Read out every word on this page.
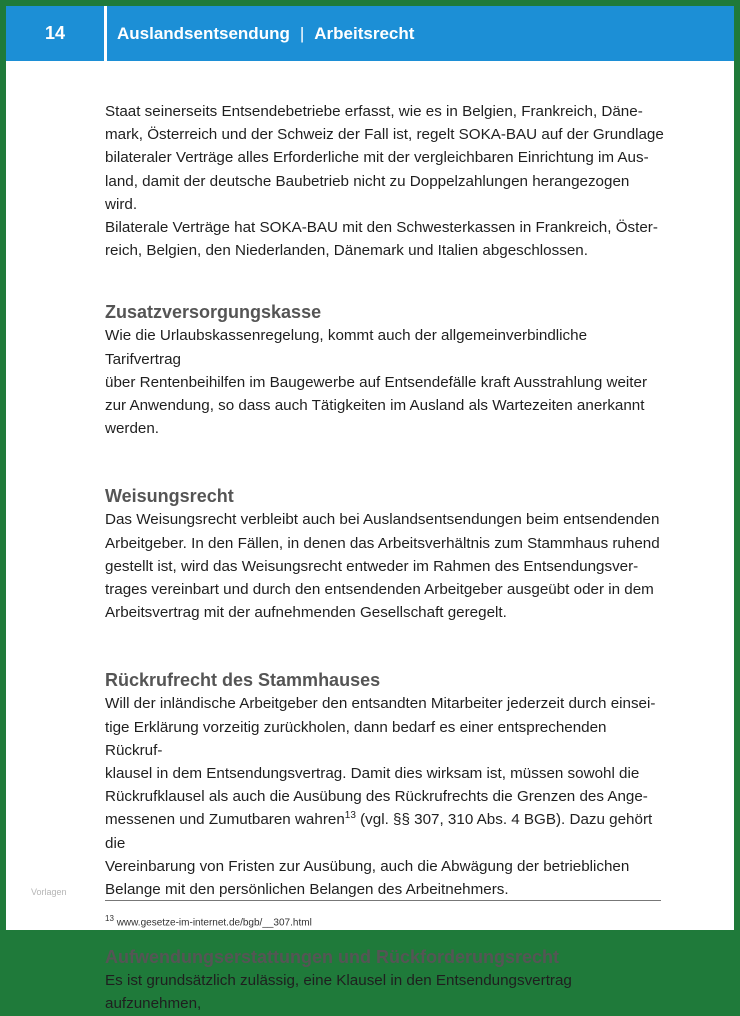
14	Auslandsentsendung | Arbeitsrecht

Staat seinerseits Entsendebetriebe erfasst, wie es in Belgien, Frankreich, Däne-

mark, Österreich und der Schweiz der Fall ist, regelt SOKA-BAU auf der Grundlage

bilateraler Verträge alles Erforderliche mit der vergleichbaren Einrichtung im Aus-

land, damit der deutsche Baubetrieb nicht zu Doppelzahlungen herangezogen wird.

Bilaterale Verträge hat SOKA-BAU mit den Schwesterkassen in Frankreich, Öster-

reich, Belgien, den Niederlanden, Dänemark und Italien abgeschlossen.

Zusatzversorgungskasse

Wie die Urlaubskassenregelung, kommt auch der allgemeinverbindliche Tarifvertrag

über Rentenbeihilfen im Baugewerbe auf Entsendefälle kraft Ausstrahlung weiter

zur Anwendung, so dass auch Tätigkeiten im Ausland als Wartezeiten anerkannt

werden.

Weisungsrecht

Das Weisungsrecht verbleibt auch bei Auslandsentsendungen beim entsendenden

Arbeitgeber. In den Fällen, in denen das Arbeitsverhältnis zum Stammhaus ruhend

gestellt ist, wird das Weisungsrecht entweder im Rahmen des Entsendungsver-

trages vereinbart und durch den entsendenden Arbeitgeber ausgeübt oder in dem

Arbeitsvertrag mit der aufnehmenden Gesellschaft geregelt.

Rückrufrecht des Stammhauses

Will der inländische Arbeitgeber den entsandten Mitarbeiter jederzeit durch einsei-

tige Erklärung vorzeitig zurückholen, dann bedarf es einer entsprechenden Rückruf-

klausel in dem Entsendungsvertrag. Damit dies wirksam ist, müssen sowohl die

Rückrufklausel als auch die Ausübung des Rückrufrechts die Grenzen des Ange-

messenen und Zumutbaren wahren$^{13}$ (vgl. §§ 307, 310 Abs. 4 BGB). Dazu gehört die

Vereinbarung von Fristen zur Ausübung, auch die Abwägung der betrieblichen

Belange mit den persönlichen Belangen des Arbeitnehmers.

Aufwendungserstattungen und Rückforderungsrecht

Es ist grundsätzlich zulässig, eine Klausel in den Entsendungsvertrag aufzunehmen,

Vorlagen
$^{13}$ www.gesetze-im-internet.de/bgb/__307.html
